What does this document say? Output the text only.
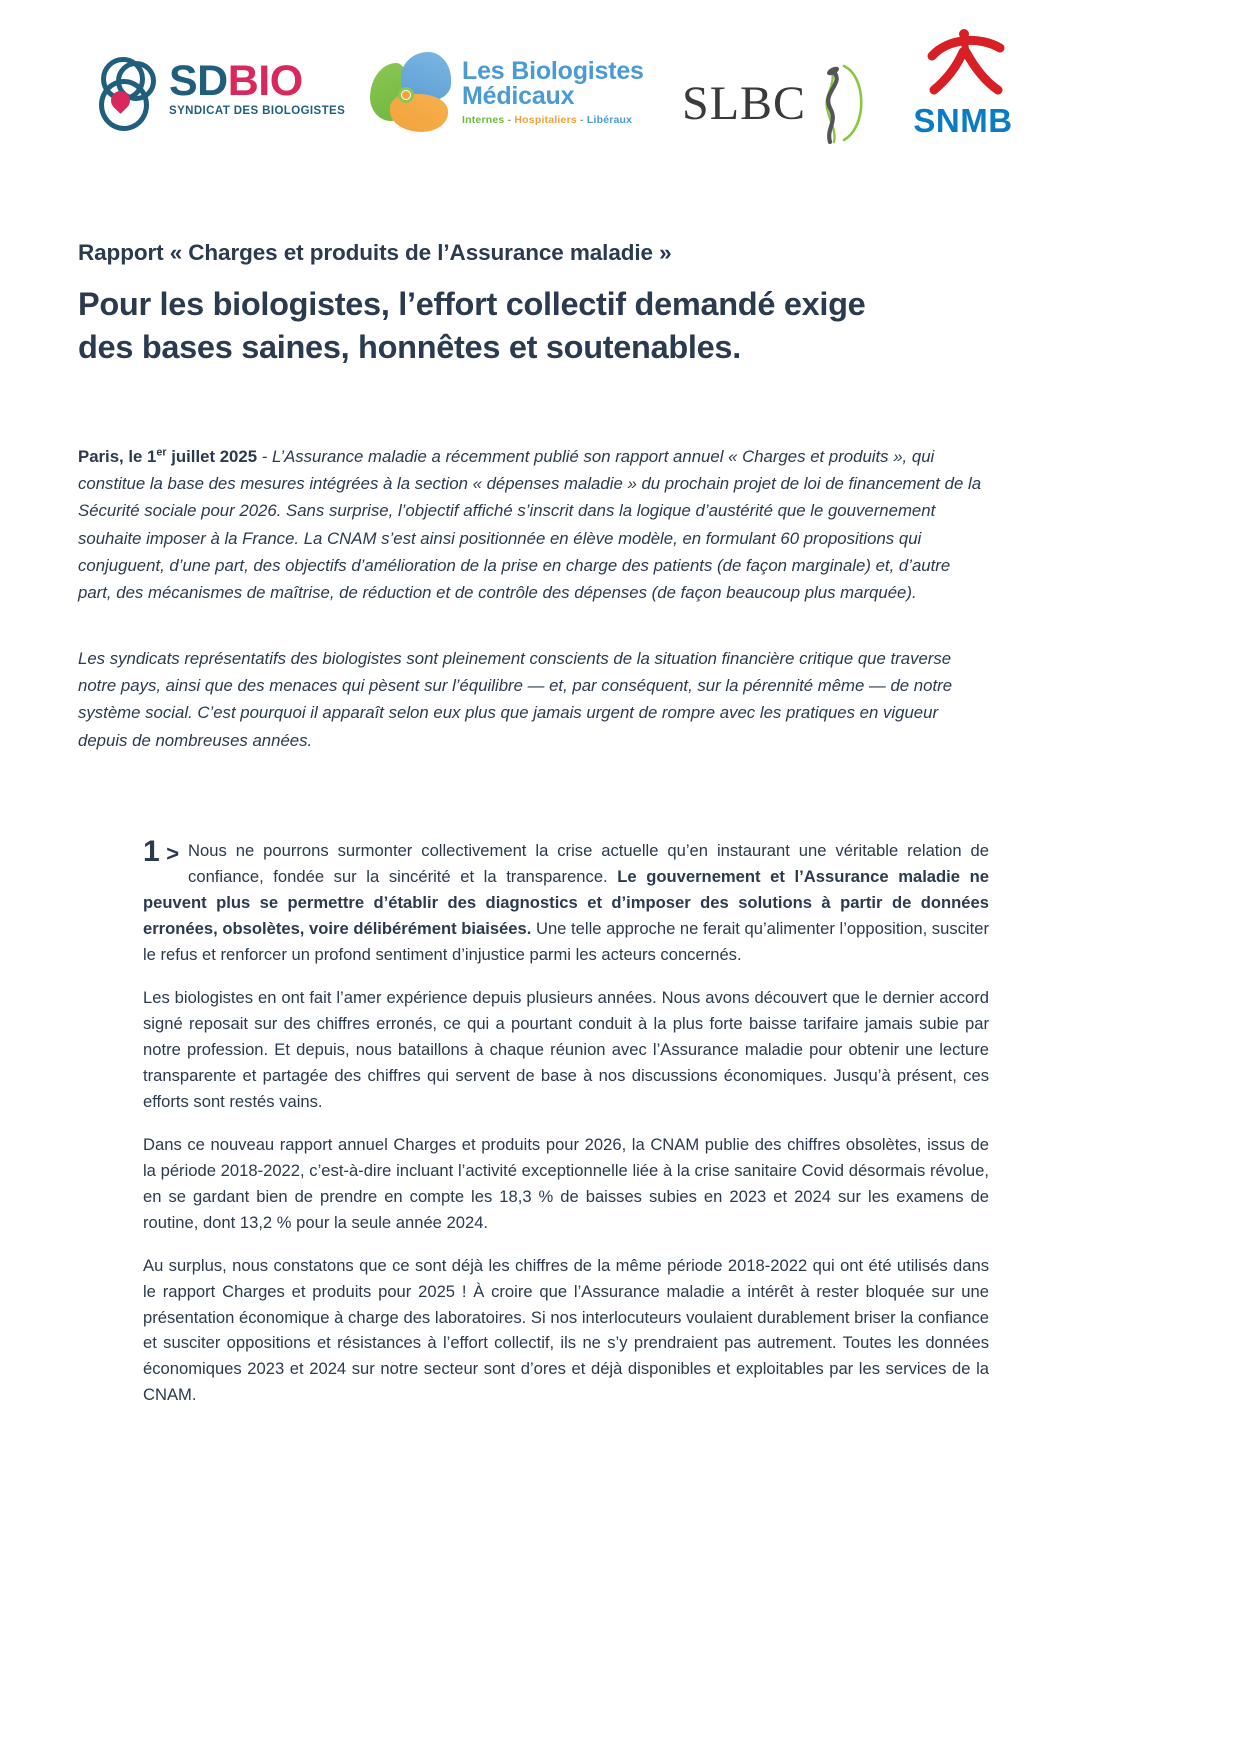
SDBIO
SYNDICAT DES BIOLOGISTES
Les Biologistes
Médicaux
Internes - Hospitaliers - Libéraux SLBC	SNMB
Rapport « Charges et produits de l’Assurance maladie »
Pour les biologistes, l’effort collectif demandé exige
des bases saines, honnêtes et soutenables.
Paris, le 1er juillet 2025 - L’Assurance maladie a récemment publié son rapport annuel « Charges et produits », qui constitue la base des mesures intégrées à la section « dépenses maladie » du prochain projet de loi de financement de la Sécurité sociale pour 2026. Sans surprise, l’objectif affiché s’inscrit dans la logique d’austérité que le gouvernement souhaite imposer à la France. La CNAM s’est ainsi positionnée en élève modèle, en formulant 60 propositions qui conjuguent, d’une part, des objectifs d’amélioration de la prise en charge des patients (de façon marginale) et, d’autre part, des mécanismes de maîtrise, de réduction et de contrôle des dépenses (de façon beaucoup plus marquée).
Les syndicats représentatifs des biologistes sont pleinement conscients de la situation financière critique que traverse notre pays, ainsi que des menaces qui pèsent sur l’équilibre — et, par conséquent, sur la pérennité même — de notre système social. C’est pourquoi il apparaît selon eux plus que jamais urgent de rompre avec les pratiques en vigueur depuis de nombreuses années.
1 > Nous ne pourrons surmonter collectivement la crise actuelle qu’en instaurant une véritable relation de confiance, fondée sur la sincérité et la transparence. Le gouvernement et l’Assurance maladie ne peuvent plus se permettre d’établir des diagnostics et d’imposer des solutions à partir de données erronées, obsolètes, voire délibérément biaisées. Une telle approche ne ferait qu’alimenter l’opposition, susciter le refus et renforcer un profond sentiment d’injustice parmi les acteurs concernés.

Les biologistes en ont fait l’amer expérience depuis plusieurs années. Nous avons découvert que le dernier accord signé reposait sur des chiffres erronés, ce qui a pourtant conduit à la plus forte baisse tarifaire jamais subie par notre profession. Et depuis, nous bataillons à chaque réunion avec l’Assurance maladie pour obtenir une lecture transparente et partagée des chiffres qui servent de base à nos discussions économiques. Jusqu’à présent, ces efforts sont restés vains.

Dans ce nouveau rapport annuel Charges et produits pour 2026, la CNAM publie des chiffres obsolètes, issus de la période 2018-2022, c’est-à-dire incluant l’activité exceptionnelle liée à la crise sanitaire Covid désormais révolue, en se gardant bien de prendre en compte les 18,3 % de baisses subies en 2023 et 2024 sur les examens de routine, dont 13,2 % pour la seule année 2024.

Au surplus, nous constatons que ce sont déjà les chiffres de la même période 2018-2022 qui ont été utilisés dans le rapport Charges et produits pour 2025 ! À croire que l’Assurance maladie a intérêt à rester bloquée sur une présentation économique à charge des laboratoires. Si nos interlocuteurs voulaient durablement briser la confiance et susciter oppositions et résistances à l’effort collectif, ils ne s’y prendraient pas autrement. Toutes les données économiques 2023 et 2024 sur notre secteur sont d’ores et déjà disponibles et exploitables par les services de la CNAM.
